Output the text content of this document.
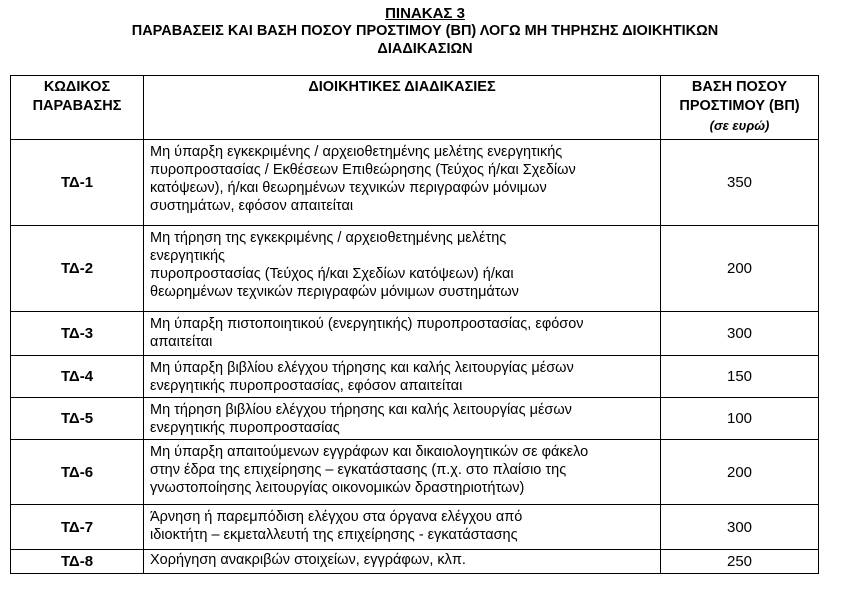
ΠΙΝΑΚΑΣ 3
ΠΑΡΑΒΑΣΕΙΣ ΚΑΙ ΒΑΣΗ ΠΟΣΟΥ ΠΡΟΣΤΙΜΟΥ (ΒΠ) ΛΟΓΩ ΜΗ ΤΗΡΗΣΗΣ ΔΙΟΙΚΗΤΙΚΩΝ
ΔΙΑΔΙΚΑΣΙΩΝ
ΚΩΔΙΚΟΣ
ΠΑΡΑΒΑΣΗΣ	ΔΙΟΙΚΗΤΙΚΕΣ ΔΙΑΔΙΚΑΣΙΕΣ	ΒΑΣΗ ΠΟΣΟΥ
ΠΡΟΣΤΙΜΟΥ (ΒΠ)
(σε ευρώ)

ΤΔ-1	Μη ύπαρξη εγκεκριμένης / αρχειοθετημένης μελέτης ενεργητικής
πυροπροστασίας / Εκθέσεων Επιθεώρησης (Τεύχος ή/και Σχεδίων
κατόψεων), ή/και θεωρημένων τεχνικών περιγραφών μόνιμων
συστημάτων, εφόσον απαιτείται	350
ΤΔ-2	Μη τήρηση της εγκεκριμένης / αρχειοθετημένης μελέτης
ενεργητικής
πυροπροστασίας (Τεύχος ή/και Σχεδίων κατόψεων) ή/και
θεωρημένων τεχνικών περιγραφών μόνιμων συστημάτων	200
ΤΔ-3	Μη ύπαρξη πιστοποιητικού (ενεργητικής) πυροπροστασίας, εφόσον
απαιτείται	300
ΤΔ-4	Μη ύπαρξη βιβλίου ελέγχου τήρησης και καλής λειτουργίας μέσων
ενεργητικής πυροπροστασίας, εφόσον απαιτείται	150
ΤΔ-5	Μη τήρηση βιβλίου ελέγχου τήρησης και καλής λειτουργίας μέσων
ενεργητικής πυροπροστασίας	100
ΤΔ-6	Μη ύπαρξη απαιτούμενων εγγράφων και δικαιολογητικών σε φάκελο
στην έδρα της επιχείρησης – εγκατάστασης (π.χ. στο πλαίσιο της
γνωστοποίησης λειτουργίας οικονομικών δραστηριοτήτων)	200
ΤΔ-7	Άρνηση ή παρεμπόδιση ελέγχου στα όργανα ελέγχου από
ιδιοκτήτη – εκμεταλλευτή της επιχείρησης - εγκατάστασης	300
ΤΔ-8	Χορήγηση ανακριβών στοιχείων, εγγράφων, κλπ.	250
